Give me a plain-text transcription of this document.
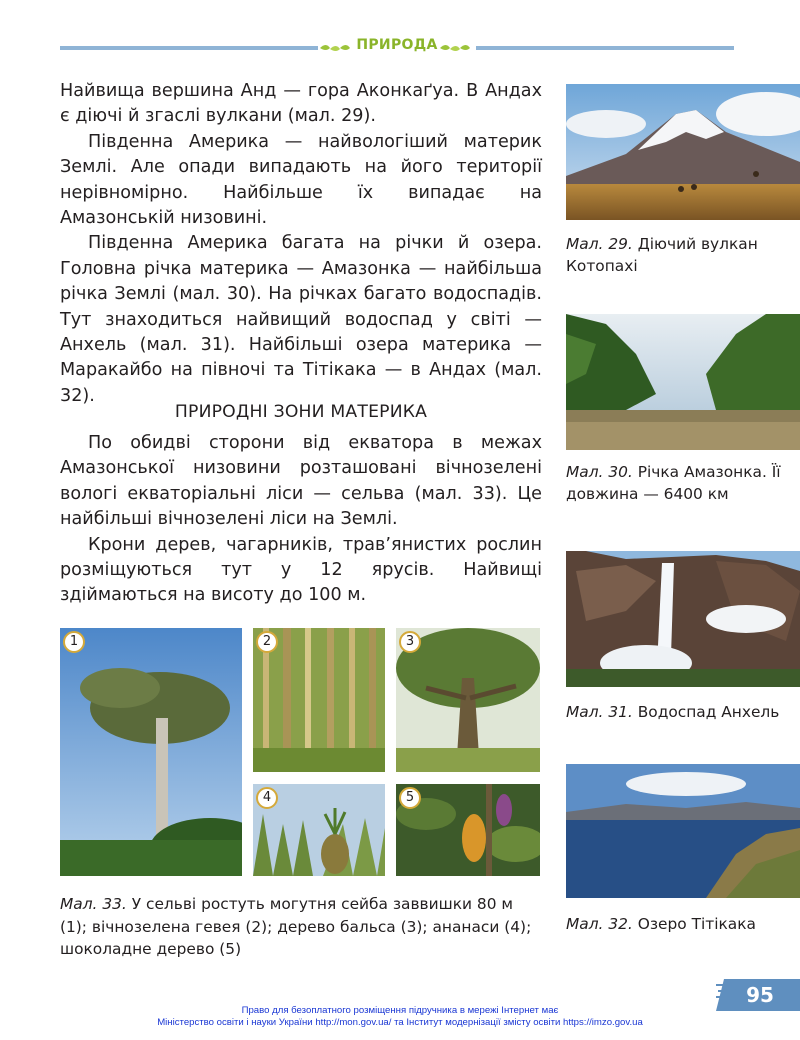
ПРИРОДА

Найвища вершина Анд — гора Аконкаґуа. В Андах є діючі й згаслі вулкани (мал. 29).

Південна Америка — найвологіший материк Землі. Але опади випадають на його території нерівномірно. Найбільше їх випадає на Амазонській низовині.

Південна Америка багата на річки й озера. Головна річка материка — Амазонка — найбільша річка Землі (мал. 30). На річках багато водоспадів. Тут знаходиться найвищий водоспад у світі — Анхель (мал. 31). Найбільші озера материка — Маракайбо на півночі та Тітікака — в Андах (мал. 32).

ПРИРОДНІ ЗОНИ МАТЕРИКА

По обидві сторони від екватора в межах Амазонської низовини розташовані вічнозелені вологі екваторіальні ліси — сельва (мал. 33). Це найбільші вічнозелені ліси на Землі.

Крони дерев, чагарників, трав’янистих рослин розміщуються тут у 12 ярусів. Найвищі здіймаються на висоту до 100 м.

Мал. 29. Діючий вулкан Котопахі
Мал. 30. Річка Амазонка. Її довжина — 6400 км
Мал. 31. Водоспад Анхель
Мал. 32. Озеро Тітікака
1	2	3
4	5
Мал. 33. У сельві ростуть могутня сейба заввишки 80 м (1); вічнозелена гевея (2); дерево бальса (3); ананаси (4); шоколадне дерево (5)
95
Право для безоплатного розміщення підручника в мережі Інтернет має
Міністерство освіти і науки України http://mon.gov.ua/ та Інститут модернізації змісту освіти https://imzo.gov.ua
